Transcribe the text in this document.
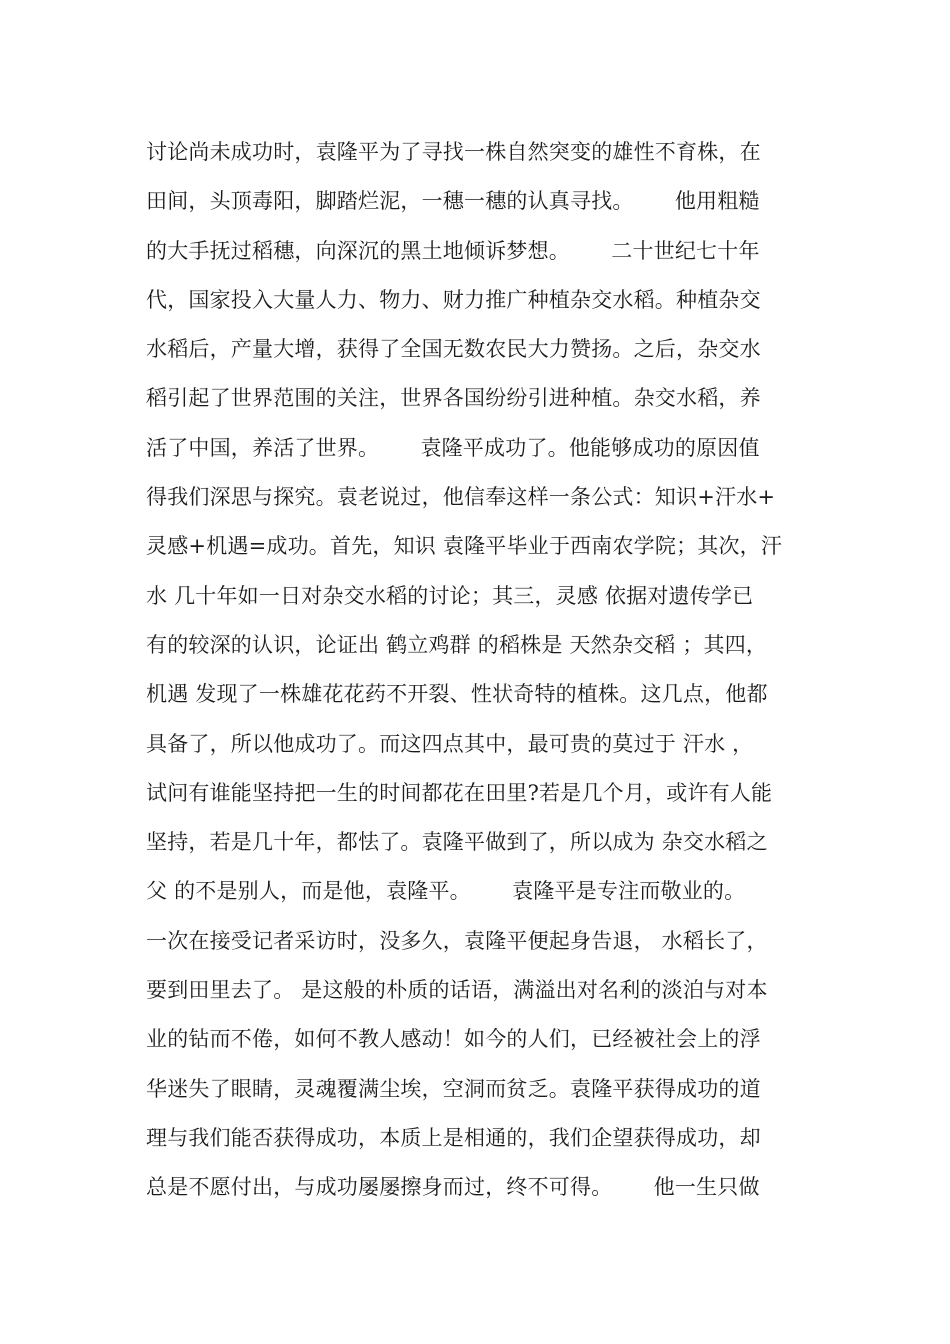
讨论尚未成功时，袁隆平为了寻找一株自然突变的雄性不育株，在
田间，头顶毒阳，脚踏烂泥，一穗一穗的认真寻找。      他用粗糙
的大手抚过稻穗，向深沉的黑土地倾诉梦想。      二十世纪七十年
代，国家投入大量人力、物力、财力推广种植杂交水稻。种植杂交
水稻后，产量大增，获得了全国无数农民大力赞扬。之后，杂交水
稻引起了世界范围的关注，世界各国纷纷引进种植。杂交水稻，养
活了中国，养活了世界。      袁隆平成功了。他能够成功的原因值
得我们深思与探究。袁老说过，他信奉这样一条公式：知识+汗水+
灵感+机遇=成功。首先，知识 袁隆平毕业于西南农学院；其次，汗
水 几十年如一日对杂交水稻的讨论；其三，灵感 依据对遗传学已
有的较深的认识，论证出 鹤立鸡群 的稻株是 天然杂交稻 ；其四，
机遇 发现了一株雄花花药不开裂、性状奇特的植株。这几点，他都
具备了，所以他成功了。而这四点其中，最可贵的莫过于 汗水 ，
试问有谁能坚持把一生的时间都花在田里?若是几个月，或许有人能
坚持，若是几十年，都怯了。袁隆平做到了，所以成为 杂交水稻之
父 的不是别人，而是他，袁隆平。      袁隆平是专注而敬业的。
一次在接受记者采访时，没多久，袁隆平便起身告退， 水稻长了，
要到田里去了。 是这般的朴质的话语，满溢出对名利的淡泊与对本
业的钻而不倦，如何不教人感动！如今的人们，已经被社会上的浮
华迷失了眼睛，灵魂覆满尘埃，空洞而贫乏。袁隆平获得成功的道
理与我们能否获得成功，本质上是相通的，我们企望获得成功，却
总是不愿付出，与成功屡屡擦身而过，终不可得。      他一生只做
